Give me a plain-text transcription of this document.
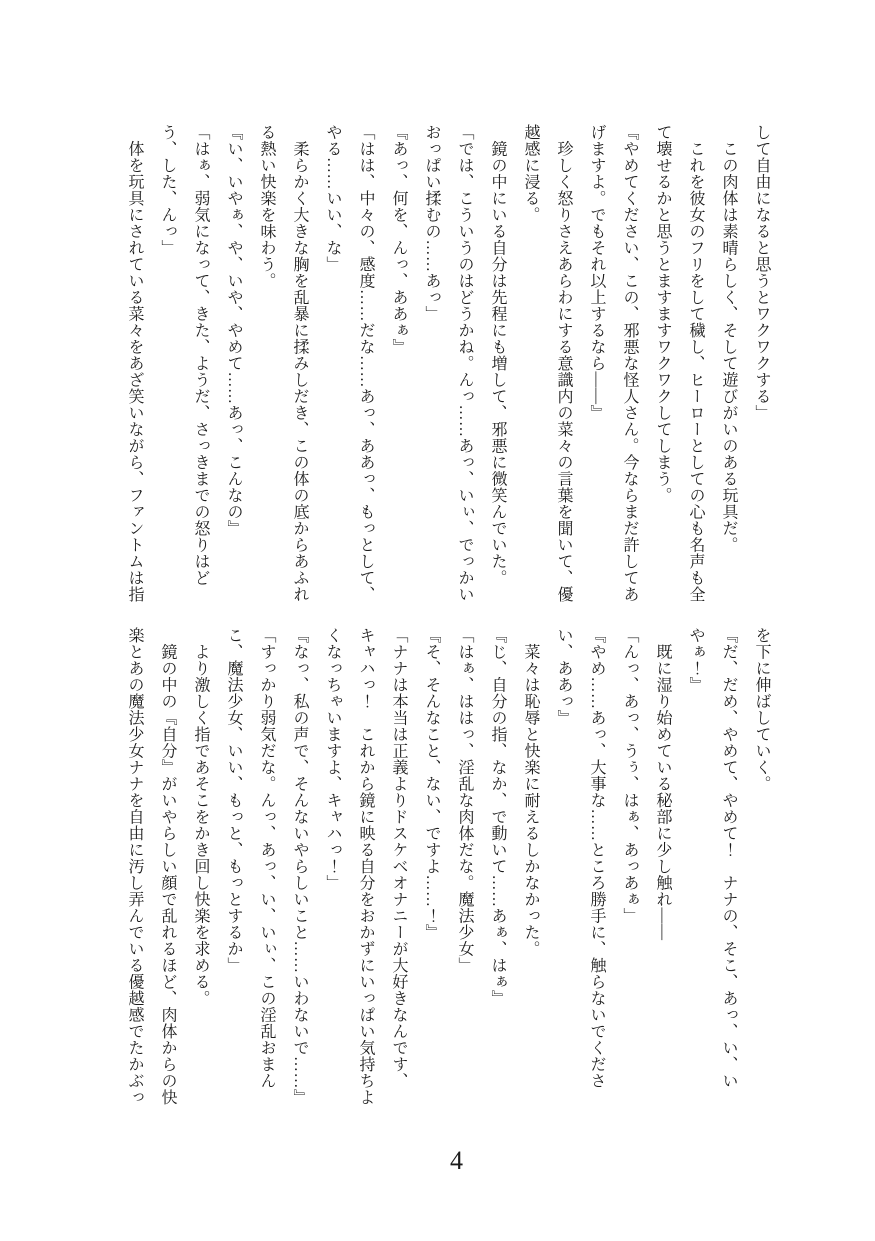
して自由になると思うとワクワクする」
　この肉体は素晴らしく、そして遊びがいのある玩具だ。
　これを彼女のフリをして穢し、ヒーローとしての心も名声も全
て壊せるかと思うとますますワクワクしてしまう。
『やめてください、この、邪悪な怪人さん。今ならまだ許してあ
げますよ。でもそれ以上するなら――』
　珍しく怒りさえあらわにする意識内の菜々の言葉を聞いて、優
越感に浸る。
　鏡の中にいる自分は先程にも増して、邪悪に微笑んでいた。
「では、こういうのはどうかね。んっ……あっ、いぃ、でっかい
おっぱい揉むの……あっ」
『あっ、何を、んっ、ああぁ』
「はは、中々の、感度……だな……あっ、ああっ、もっとして、
やる……いい、な」
　柔らかく大きな胸を乱暴に揉みしだき、この体の底からあふれ
る熱い快楽を味わう。
『い、いやぁ、や、いや、やめて……あっ、こんなの』
「はぁ、弱気になって、きた、ようだ、さっきまでの怒りはど
う、した、んっ」
　体を玩具にされている菜々をあざ笑いながら、ファントムは指
を下に伸ばしていく。
『だ、だめ、やめて、やめて！　ナナの、そこ、あっ、い、い
やぁ！』
　既に湿り始めている秘部に少し触れ――
「んっ、あっ、うぅ、はぁ、あっあぁ」
『やめ……あっ、大事な……ところ勝手に、触らないでくださ
い、ああっ』
　菜々は恥辱と快楽に耐えるしかなかった。
『じ、自分の指、なか、で動いて……あぁ、はぁ』
「はぁ、ははっ、淫乱な肉体だな。魔法少女」
『そ、そんなこと、ない、ですよ……！』
「ナナは本当は正義よりドスケベオナニーが大好きなんです、
キャハっ！　これから鏡に映る自分をおかずにいっぱい気持ちよ
くなっちゃいますよ、キャハっ！」
『なっ、私の声で、そんないやらしいこと……いわないで……』
「すっかり弱気だな。んっ、あっ、い、いぃ、この淫乱おまん
こ、魔法少女、いい、もっと、もっとするか」
　より激しく指であそこをかき回し快楽を求める。
　鏡の中の『自分』がいやらしい顔で乱れるほど、肉体からの快
楽とあの魔法少女ナナを自由に汚し弄んでいる優越感でたかぶっ
4
